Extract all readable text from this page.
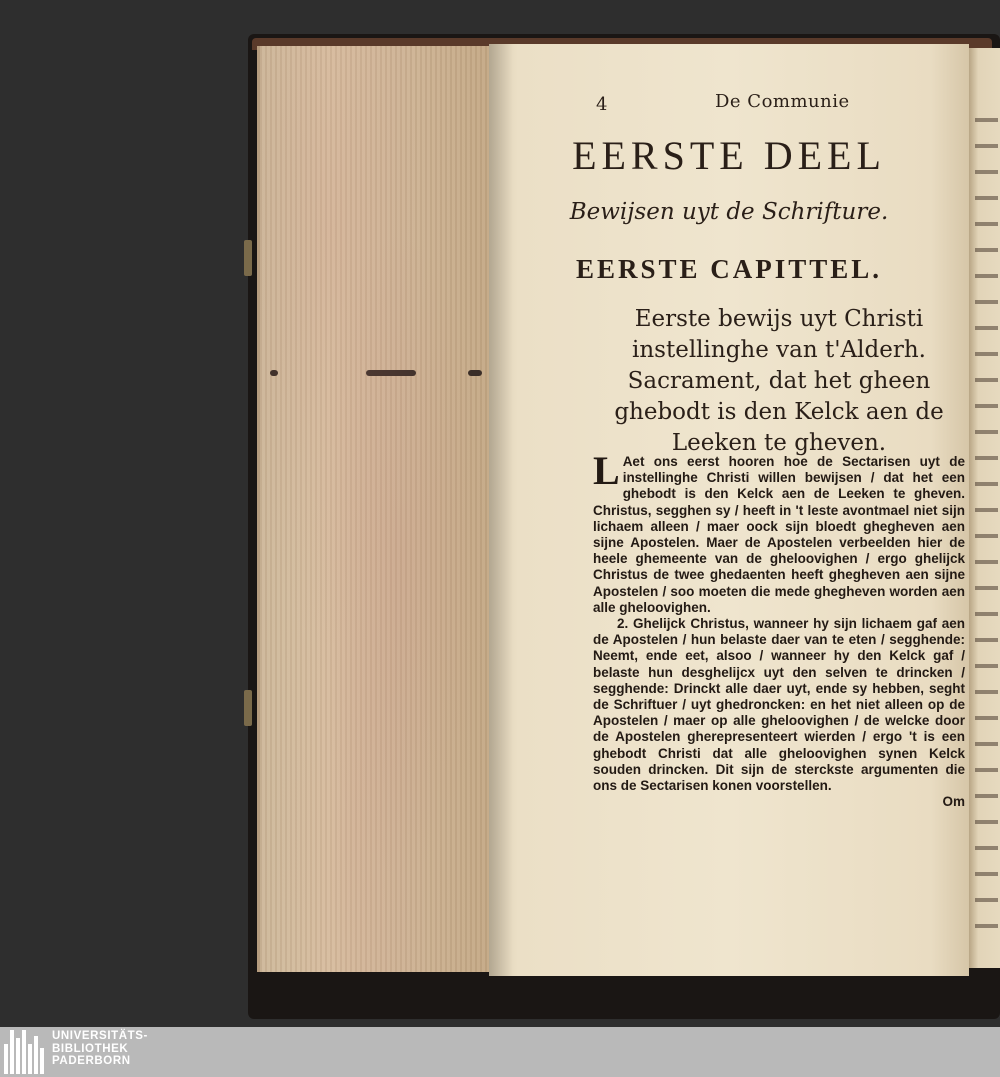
4	De Communie
EERSTE DEEL
Bewijsen uyt de Schrifture.
EERSTE CAPITTEL.
Eerste bewijs uyt Christi instellinghe van t'Alderh. Sacrament, dat het gheen ghebodt is den Kelck aen de Leeken te gheven.

L Aet ons eerst hooren hoe de Sectarisen uyt de instellinghe Christi willen bewijsen / dat het een ghebodt is den Kelck aen de Leeken te gheven. Christus, segghen sy / heeft in 't leste avontmael niet sijn lichaem alleen / maer oock sijn bloedt ghegheven aen sijne Apostelen. Maer de Apostelen verbeelden hier de heele ghemeente van de gheloovighen / ergo ghelijck Christus de twee ghedaenten heeft ghegheven aen sijne Apostelen / soo moeten die mede ghegheven worden aen alle gheloovighen.

2. Ghelijck Christus, wanneer hy sijn lichaem gaf aen de Apostelen / hun belaste daer van te eten / segghende: Neemt, ende eet, alsoo / wanneer hy den Kelck gaf / belaste hun desghelijcx uyt den selven te drincken / segghende: Drinckt alle daer uyt, ende sy hebben, seght de Schriftuer / uyt ghedroncken: en het niet alleen op de Apostelen / maer op alle gheloovighen / de welcke door de Apostelen gherepresenteert wierden / ergo 't is een ghebodt Christi dat alle gheloovighen synen Kelck souden drincken. Dit sijn de sterckste argumenten die ons de Sectarisen konen voorstellen.

Om

UNIVERSITÄTS-
BIBLIOTHEK
PADERBORN
